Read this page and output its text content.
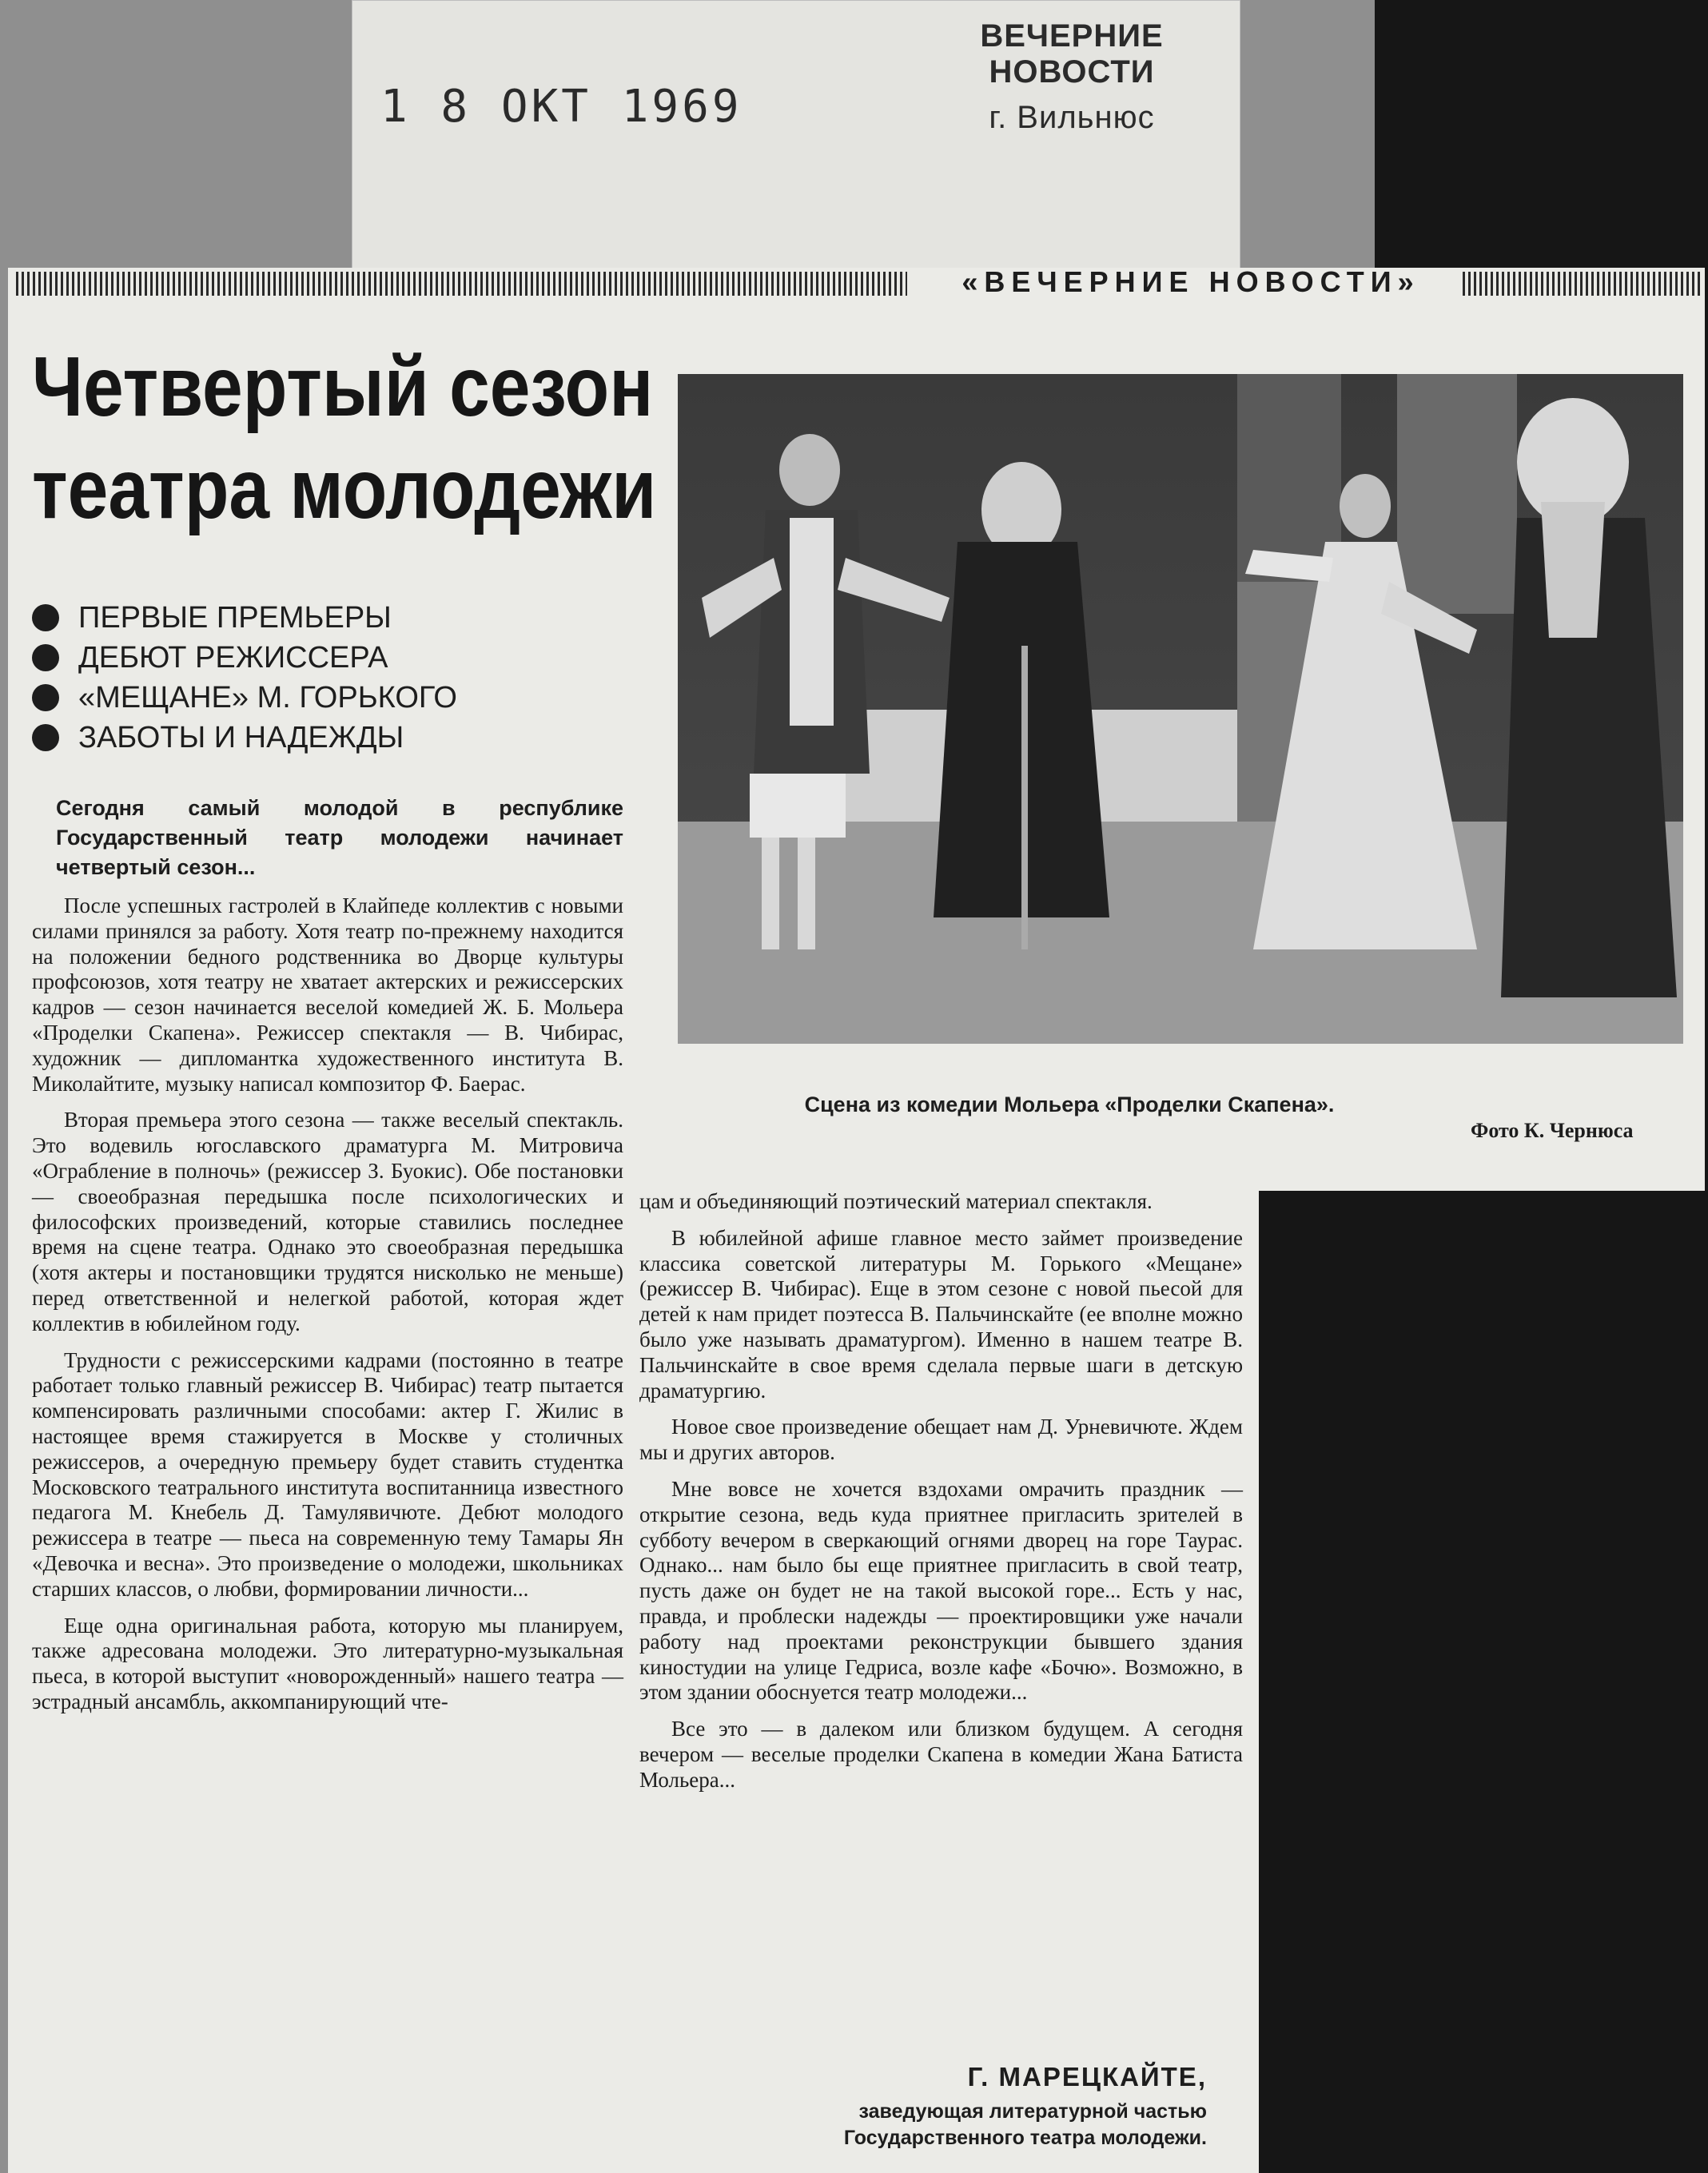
1 8 ОКТ 1969
ВЕЧЕРНИЕ НОВОСТИ
г. Вильнюс
«ВЕЧЕРНИЕ НОВОСТИ»
Четвертый сезон
театра молодежи
ПЕРВЫЕ ПРЕМЬЕРЫ
ДЕБЮТ РЕЖИССЕРА
«МЕЩАНЕ» М. ГОРЬКОГО
ЗАБОТЫ И НАДЕЖДЫ
Сегодня самый молодой в республике Государственный театр молодежи начинает четвертый сезон...

После успешных гастролей в Клайпеде коллектив с новыми силами принялся за работу. Хотя театр по-прежнему находится на положении бедного родственника во Дворце культуры профсоюзов, хотя театру не хватает актерских и режиссерских кадров — сезон начинается веселой комедией Ж. Б. Мольера «Проделки Скапена». Режиссер спектакля — В. Чибирас, художник — дипломантка художественного института В. Миколайтите, музыку написал композитор Ф. Баерас.

Вторая премьера этого сезона — также веселый спектакль. Это водевиль югославского драматурга М. Митровича «Ограбление в полночь» (режиссер З. Буокис). Обе постановки — своеобразная передышка после психологических и философских произведений, которые ставились последнее время на сцене театра. Однако это своеобразная передышка (хотя актеры и постановщики трудятся нисколько не меньше) перед ответственной и нелегкой работой, которая ждет коллектив в юбилейном году.

Трудности с режиссерскими кадрами (постоянно в театре работает только главный режиссер В. Чибирас) театр пытается компенсировать различными способами: актер Г. Жилис в настоящее время стажируется в Москве у столичных режиссеров, а очередную премьеру будет ставить студентка Московского театрального института воспитанница известного педагога М. Кнебель Д. Тамулявичюте. Дебют молодого режиссера в театре — пьеса на современную тему Тамары Ян «Девочка и весна». Это произведение о молодежи, школьниках старших классов, о любви, формировании личности...

Еще одна оригинальная работа, которую мы планируем, также адресована молодежи. Это литературно-музыкальная пьеса, в которой выступит «новорожденный» нашего театра — эстрадный ансамбль, аккомпанирующий чте-

цам и объединяющий поэтический материал спектакля.

В юбилейной афише главное место займет произведение классика советской литературы М. Горького «Мещане» (режиссер В. Чибирас). Еще в этом сезоне с новой пьесой для детей к нам придет поэтесса В. Пальчинскайте (ее вполне можно было уже называть драматургом). Именно в нашем театре В. Пальчинскайте в свое время сделала первые шаги в детскую драматургию.

Новое свое произведение обещает нам Д. Урневичюте. Ждем мы и других авторов.

Мне вовсе не хочется вздохами омрачить праздник — открытие сезона, ведь куда приятнее пригласить зрителей в субботу вечером в сверкающий огнями дворец на горе Таурас. Однако... нам было бы еще приятнее пригласить в свой театр, пусть даже он будет не на такой высокой горе... Есть у нас, правда, и проблески надежды — проектировщики уже начали работу над проектами реконструкции бывшего здания киностудии на улице Гедриса, возле кафе «Бочю». Возможно, в этом здании обоснуется театр молодежи...

Все это — в далеком или близком будущем. А сегодня вечером — веселые проделки Скапена в комедии Жана Батиста Мольера...

Сцена из комедии Мольера «Проделки Скапена».
Фото К. Чернюса
Г. МАРЕЦКАЙТЕ,
заведующая литературной частью
Государственного театра молодежи.
